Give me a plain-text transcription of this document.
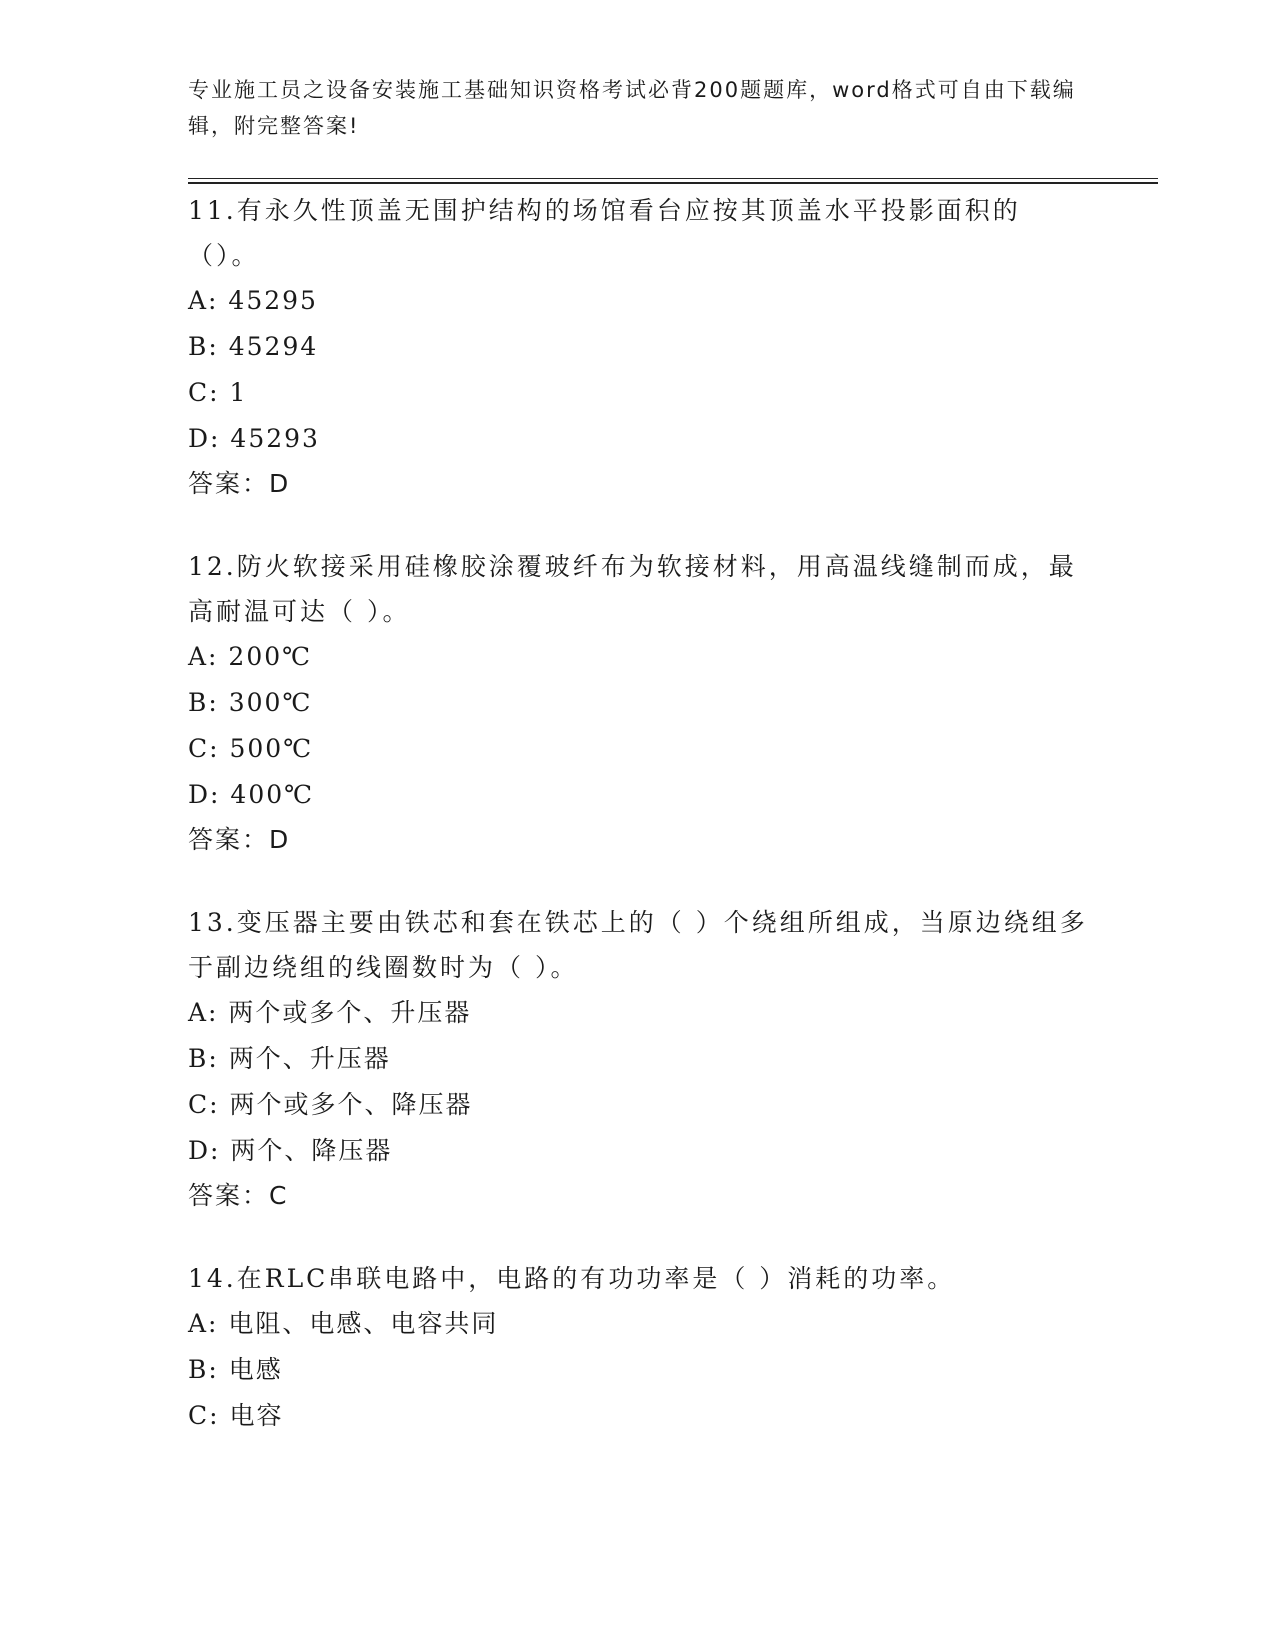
专业施工员之设备安装施工基础知识资格考试必背200题题库，word格式可自由下载编辑，附完整答案!
11.有永久性顶盖无围护结构的场馆看台应按其顶盖水平投影面积的（）。
A: 45295
B: 45294
C: 1
D: 45293
答案：D
12.防火软接采用硅橡胶涂覆玻纤布为软接材料，用高温线缝制而成，最高耐温可达（ ）。
A: 200℃
B: 300℃
C: 500℃
D: 400℃
答案：D
13.变压器主要由铁芯和套在铁芯上的（ ）个绕组所组成，当原边绕组多于副边绕组的线圈数时为（ ）。
A: 两个或多个、升压器
B: 两个、升压器
C: 两个或多个、降压器
D: 两个、降压器
答案：C
14.在RLC串联电路中，电路的有功功率是（ ）消耗的功率。
A: 电阻、电感、电容共同
B: 电感
C: 电容
